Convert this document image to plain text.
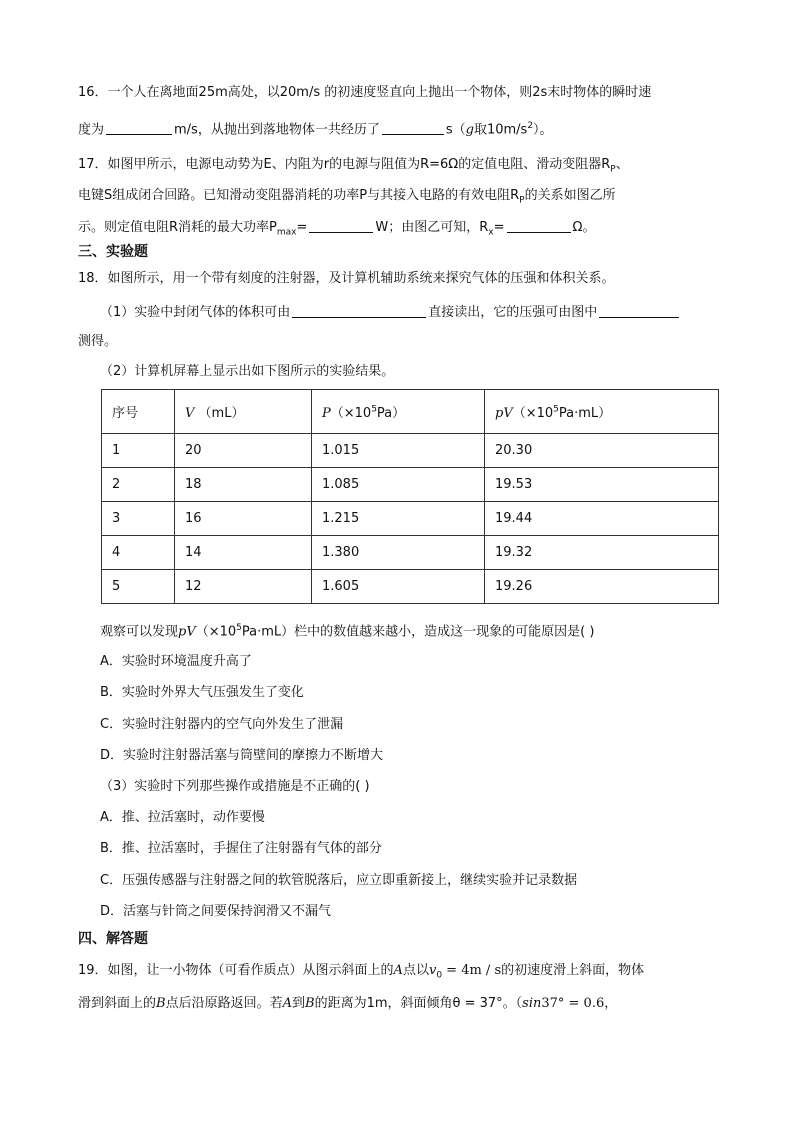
16．一个人在离地面25m高处，以20m/s 的初速度竖直向上抛出一个物体，则2s末时物体的瞬时速
度为	m/s，从抛出到落地物体一共经历了	s（g取$10m/s^2$）。
17．如图甲所示，电源电动势为E、内阻为r的电源与阻值为R=6Ω的定值电阻、滑动变阻器$R_P$、
电键S组成闭合回路。已知滑动变阻器消耗的功率P与其接入电路的有效电阻$R_P$的关系如图乙所
示。则定值电阻R消耗的最大功率$P_{max}=$	W；由图乙可知，$R_x=$	Ω。
三、实验题
18．如图所示，用一个带有刻度的注射器，及计算机辅助系统来探究气体的压强和体积关系。
（1）实验中封闭气体的体积可由	直接读出，它的压强可由图中
测得。
（2）计算机屏幕上显示出如下图所示的实验结果。
序号	V （mL）	$P(\times 10^5Pa)$	$pV(\times 10^5Pa\cdot mL)$
1	20	1.015	20.30
2	18	1.085	19.53
3	16	1.215	19.44
4	14	1.380	19.32
5	12	1.605	19.26
观察可以发现$pV(\times 10^5Pa\cdot mL)$栏中的数值越来越小，造成这一现象的可能原因是( )
A．实验时环境温度升高了
B．实验时外界大气压强发生了变化
C．实验时注射器内的空气向外发生了泄漏
D．实验时注射器活塞与筒壁间的摩擦力不断增大
（3）实验时下列那些操作或措施是不正确的( )
A．推、拉活塞时，动作要慢
B．推、拉活塞时，手握住了注射器有气体的部分
C．压强传感器与注射器之间的软管脱落后，应立即重新接上，继续实验并记录数据
D．活塞与针筒之间要保持润滑又不漏气
四、解答题
19．如图，让一小物体（可看作质点）从图示斜面上的A点以$v_0 = 4m / s$的初速度滑上斜面，物体
滑到斜面上的B点后沿原路返回。若A到B的距离为1m，斜面倾角θ = 37°。（sin37° = 0.6，
